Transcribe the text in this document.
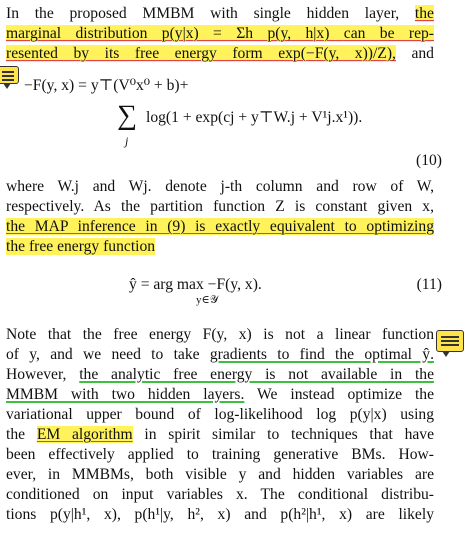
In the proposed MMBM with single hidden layer, the
marginal distribution p(y|x) = Σh p(y, h|x) can be rep-
resented by its free energy form exp(−F(y, x))/Z), and
−F(y, x) = y⊤(V⁰x⁰ + b)+
∑
j
log(1 + exp(cj + y⊤W.j + V¹j.x¹)).
(10)
where W.j and Wj. denote j-th column and row of W,
respectively. As the partition function Z is constant given x,
the MAP inference in (9) is exactly equivalent to optimizing
the free energy function
ŷ = arg max −F(y, x).
y∈𝒴
(11)
Note that the free energy F(y, x) is not a linear function
of y, and we need to take gradients to find the optimal ŷ.
However, the analytic free energy is not available in the
MMBM with two hidden layers. We instead optimize the
variational upper bound of log-likelihood log p(y|x) using
the EM algorithm in spirit similar to techniques that have
been effectively applied to training generative BMs. How-
ever, in MMBMs, both visible y and hidden variables are
conditioned on input variables x. The conditional distribu-
tions p(y|h¹, x), p(h¹|y, h², x) and p(h²|h¹, x) are likely
